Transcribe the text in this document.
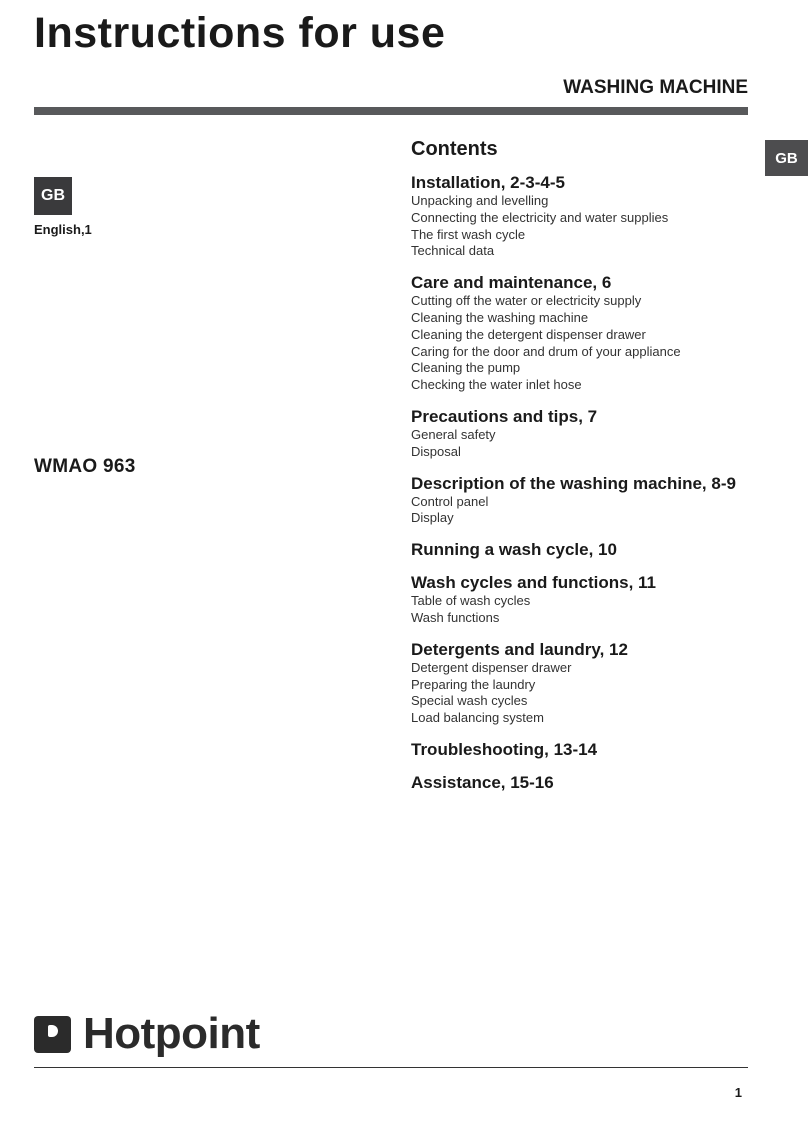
Instructions for use
WASHING MACHINE
GB
GB
English,1
WMAO 963
Contents
Installation, 2-3-4-5
Unpacking and levelling
Connecting the electricity and water supplies
The first wash cycle
Technical data
Care and maintenance, 6
Cutting off the water or electricity supply
Cleaning the washing machine
Cleaning the detergent dispenser drawer
Caring for the door and drum of your appliance
Cleaning the pump
Checking the water inlet hose
Precautions and tips, 7
General safety
Disposal
Description of the washing machine, 8-9
Control panel
Display
Running a wash cycle, 10
Wash cycles and functions, 11
Table of wash cycles
Wash functions
Detergents and laundry, 12
Detergent dispenser drawer
Preparing the laundry
Special wash cycles
Load balancing system
Troubleshooting, 13-14
Assistance, 15-16
Hotpoint
1
